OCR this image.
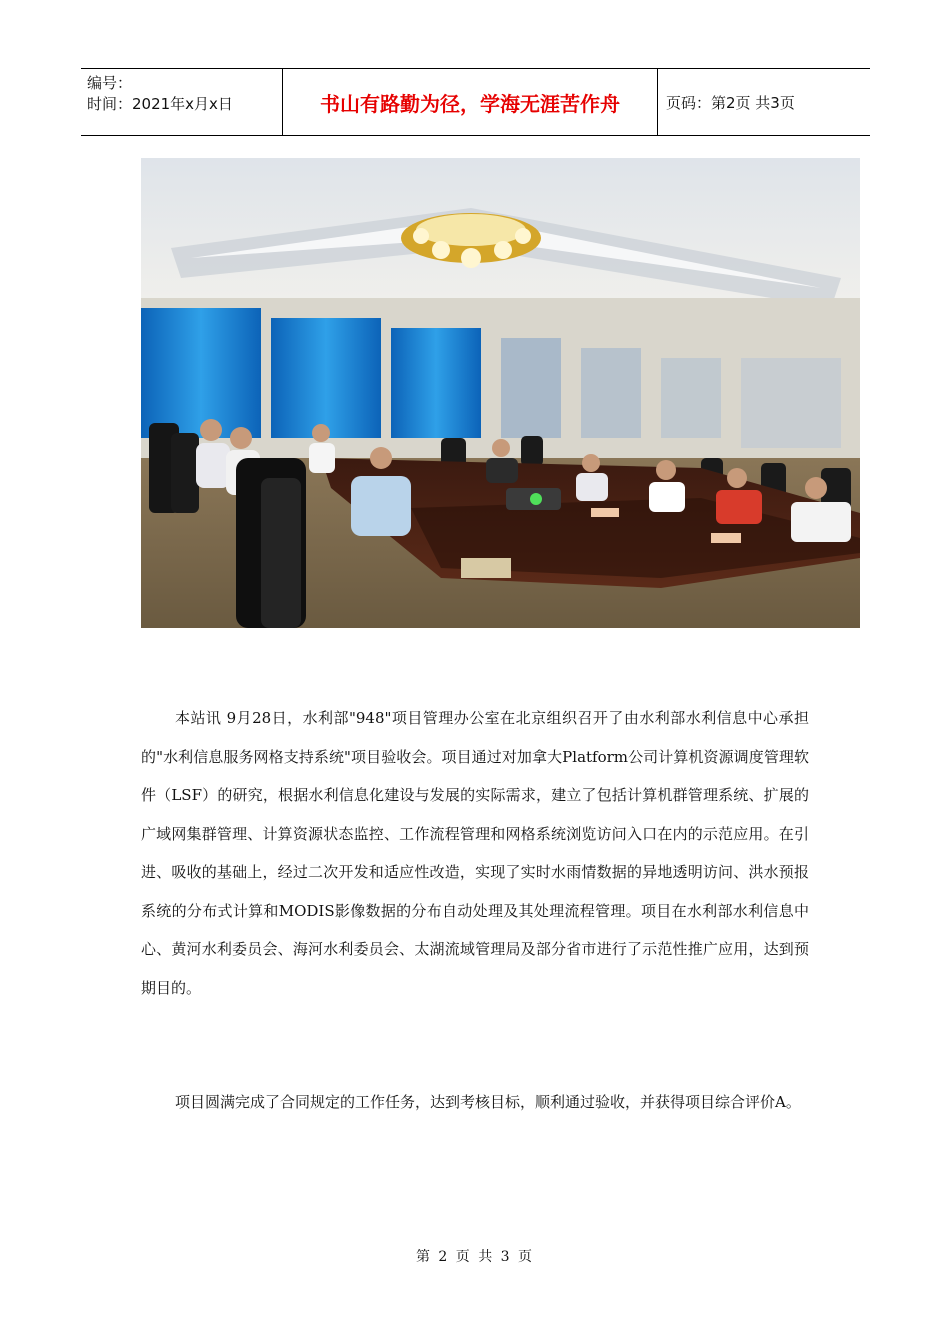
编号：
时间：2021年x月x日	书山有路勤为径，学海无涯苦作舟	页码：第2页 共3页

本站讯 9月28日，水利部"948"项目管理办公室在北京组织召开了由水利部水利信息中心承担的"水利信息服务网格支持系统"项目验收会。项目通过对加拿大Platform公司计算机资源调度管理软件（LSF）的研究，根据水利信息化建设与发展的实际需求，建立了包括计算机群管理系统、扩展的广域网集群管理、计算资源状态监控、工作流程管理和网格系统浏览访问入口在内的示范应用。在引进、吸收的基础上，经过二次开发和适应性改造，实现了实时水雨情数据的异地透明访问、洪水预报系统的分布式计算和MODIS影像数据的分布自动处理及其处理流程管理。项目在水利部水利信息中心、黄河水利委员会、海河水利委员会、太湖流域管理局及部分省市进行了示范性推广应用，达到预期目的。

项目圆满完成了合同规定的工作任务，达到考核目标，顺利通过验收，并获得项目综合评价A。

第 2 页 共 3 页
